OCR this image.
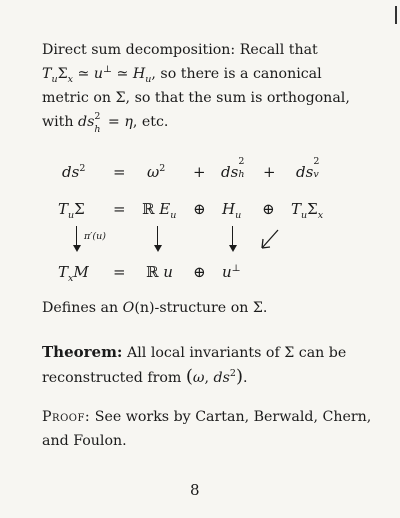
Direct sum decomposition: Recall that
$T_u\Sigma_x$ ≃ u⊥ ≃ $H_u$, so there is a canonical
metric on Σ, so that the sum is orthogonal,
with ds 2
h = η, etc.
$ds^2 = \omega^2$ + ds
2
h + ds
2
v
$T_u\Sigma$ = ℝ $E_u$ ⊕ $H_u$ ⊕ $T_u\Sigma_x$
π′(u)
$T_xM$ = ℝ u ⊕ u⊥
Defines an O(n)-structure on Σ.
Theorem: All local invariants of Σ can be
reconstructed from (ω, $ds^2$).
Proof: See works by Cartan, Berwald, Chern,
and Foulon.
8
